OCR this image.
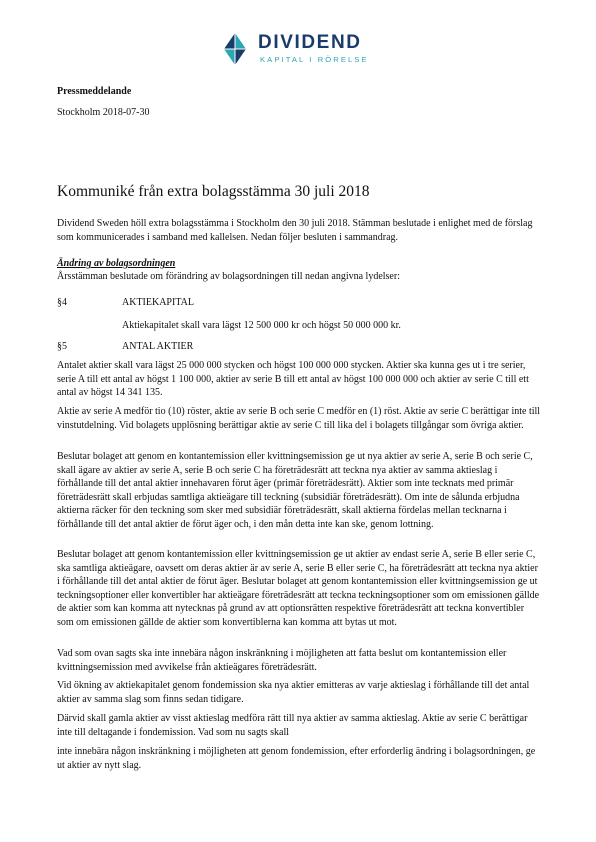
DIVIDEND
KAPITAL I RÖRELSE
Pressmeddelande
Stockholm 2018-07-30
Kommuniké från extra bolagsstämma 30 juli 2018

Dividend Sweden höll extra bolagsstämma i Stockholm den 30 juli 2018. Stämman beslutade i enlighet med de förslag som kommunicerades i samband med kallelsen. Nedan följer besluten i sammandrag.

Ändring av bolagsordningen
Årsstämman beslutade om förändring av bolagsordningen till nedan angivna lydelser:
§4	AKTIEKAPITAL
Aktiekapitalet skall vara lägst 12 500 000 kr och högst 50 000 000 kr.
§5	ANTAL AKTIER

Antalet aktier skall vara lägst 25 000 000 stycken och högst 100 000 000 stycken. Aktier ska kunna ges ut i tre serier, serie A till ett antal av högst 1 100 000, aktier av serie B till ett antal av högst 100 000 000 och aktier av serie C till ett antal av högst 14 341 135.

Aktie av serie A medför tio (10) röster, aktie av serie B och serie C medför en (1) röst. Aktie av serie C berättigar inte till vinstutdelning. Vid bolagets upplösning berättigar aktie av serie C till lika del i bolagets tillgångar som övriga aktier.

Beslutar bolaget att genom en kontantemission eller kvittningsemission ge ut nya aktier av serie A, serie B och serie C, skall ägare av aktier av serie A, serie B och serie C ha företrädesrätt att teckna nya aktier av samma aktieslag i förhållande till det antal aktier innehavaren förut äger (primär företrädesrätt). Aktier som inte tecknats med primär företrädesrätt skall erbjudas samtliga aktieägare till teckning (subsidiär företrädesrätt). Om inte de sålunda erbjudna aktierna räcker för den teckning som sker med subsidiär företrädesrätt, skall aktierna fördelas mellan tecknarna i förhållande till det antal aktier de förut äger och, i den mån detta inte kan ske, genom lottning.

Beslutar bolaget att genom kontantemission eller kvittningsemission ge ut aktier av endast serie A, serie B eller serie C, ska samtliga aktieägare, oavsett om deras aktier är av serie A, serie B eller serie C, ha företrädesrätt att teckna nya aktier i förhållande till det antal aktier de förut äger. Beslutar bolaget att genom kontantemission eller kvittningsemission ge ut teckningsoptioner eller konvertibler har aktieägare företrädesrätt att teckna teckningsoptioner som om emissionen gällde de aktier som kan komma att nytecknas på grund av att optionsrätten respektive företrädesrätt att teckna konvertibler som om emissionen gällde de aktier som konvertiblerna kan komma att bytas ut mot.

Vad som ovan sagts ska inte innebära någon inskränkning i möjligheten att fatta beslut om kontantemission eller kvittningsemission med avvikelse från aktieägares företrädesrätt.

Vid ökning av aktiekapitalet genom fondemission ska nya aktier emitteras av varje aktieslag i förhållande till det antal aktier av samma slag som finns sedan tidigare.

Därvid skall gamla aktier av visst aktieslag medföra rätt till nya aktier av samma aktieslag. Aktie av serie C berättigar inte till deltagande i fondemission. Vad som nu sagts skall

inte innebära någon inskränkning i möjligheten att genom fondemission, efter erforderlig ändring i bolagsordningen, ge ut aktier av nytt slag.
